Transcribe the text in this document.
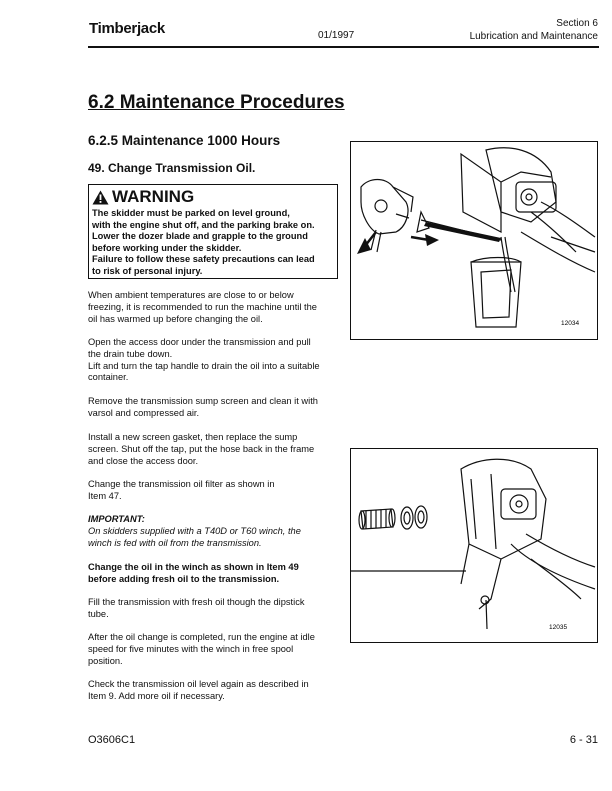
Timberjack	01/1997
Section 6
Lubrication and Maintenance
6.2 Maintenance Procedures
6.2.5 Maintenance 1000 Hours
49. Change Transmission Oil.
WARNING
The skidder must be parked on level ground,
with the engine shut off, and the parking brake on.
Lower the dozer blade and grapple to the ground
before working under the skidder.
Failure to follow these safety precautions can lead
to risk of personal injury.
When ambient temperatures are close to or below
freezing, it is recommended to run the machine until the
oil has warmed up before changing the oil.
Open the access door under the transmission and pull
the drain tube down.
Lift and turn the tap handle to drain the oil into a suitable
container.
Remove the transmission sump screen and clean it with
varsol and compressed air.
Install a new screen gasket, then replace the sump
screen. Shut off the tap, put the hose back in the frame
and close the access door.
Change the transmission oil filter as shown in
Item 47.
IMPORTANT:
On skidders supplied with a T40D or T60 winch, the
winch is fed with oil from the transmission.
Change the oil in the winch as shown in Item 49
before adding fresh oil to the transmission.
Fill the transmission with fresh oil though the dipstick
tube.
After the oil change is completed, run the engine at idle
speed for five minutes with the winch in free spool
position.
Check the transmission oil level again as described in
Item 9. Add more oil if necessary.
12034
12035
O3606C1	6 - 31
